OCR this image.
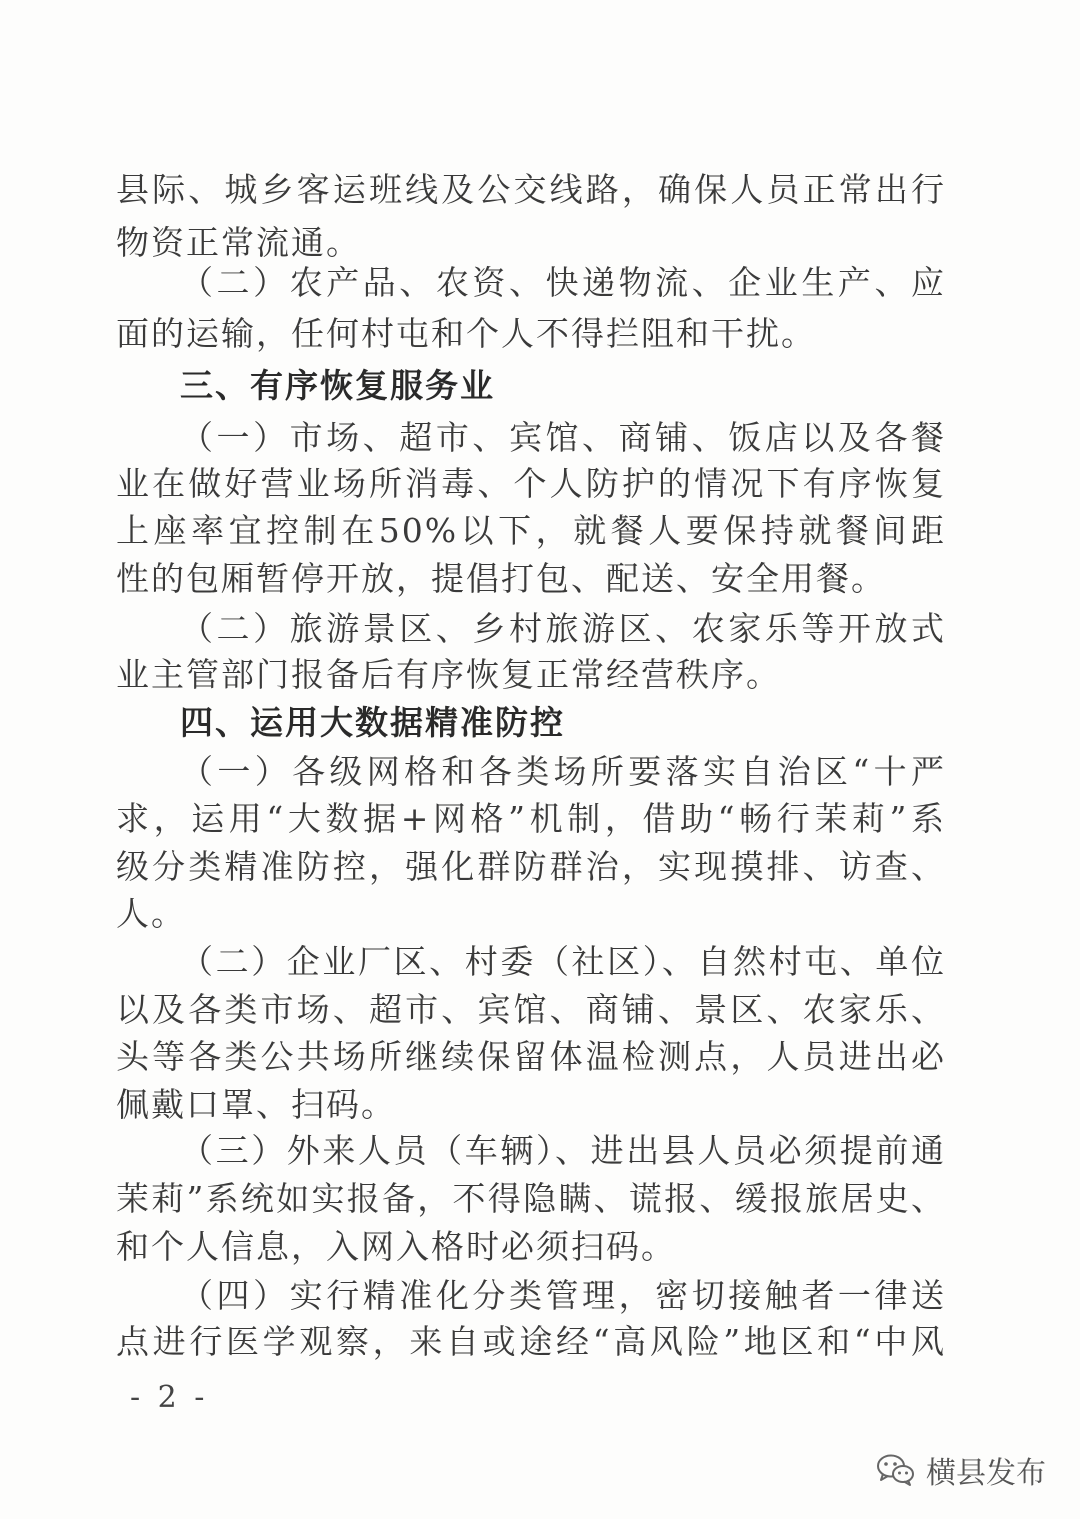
县际、城乡客运班线及公交线路，确保人员正常出行
物资正常流通。
（二）农产品、农资、快递物流、企业生产、应
面的运输，任何村屯和个人不得拦阻和干扰。
三、有序恢复服务业
（一）市场、超市、宾馆、商铺、饭店以及各餐
业在做好营业场所消毒、个人防护的情况下有序恢复
上座率宜控制在50%以下，就餐人要保持就餐间距
性的包厢暂停开放，提倡打包、配送、安全用餐。
（二）旅游景区、乡村旅游区、农家乐等开放式
业主管部门报备后有序恢复正常经营秩序。
四、运用大数据精准防控
（一）各级网格和各类场所要落实自治区“十严
求，运用“大数据+网格”机制，借助“畅行茉莉”系
级分类精准防控，强化群防群治，实现摸排、访查、
人。
（二）企业厂区、村委（社区）、自然村屯、单位
以及各类市场、超市、宾馆、商铺、景区、农家乐、
头等各类公共场所继续保留体温检测点，人员进出必
佩戴口罩、扫码。
（三）外来人员（车辆）、进出县人员必须提前通
茉莉”系统如实报备，不得隐瞒、谎报、缓报旅居史、
和个人信息，入网入格时必须扫码。
（四）实行精准化分类管理，密切接触者一律送
点进行医学观察，来自或途经“高风险”地区和“中风
- 2 -
横县发布
